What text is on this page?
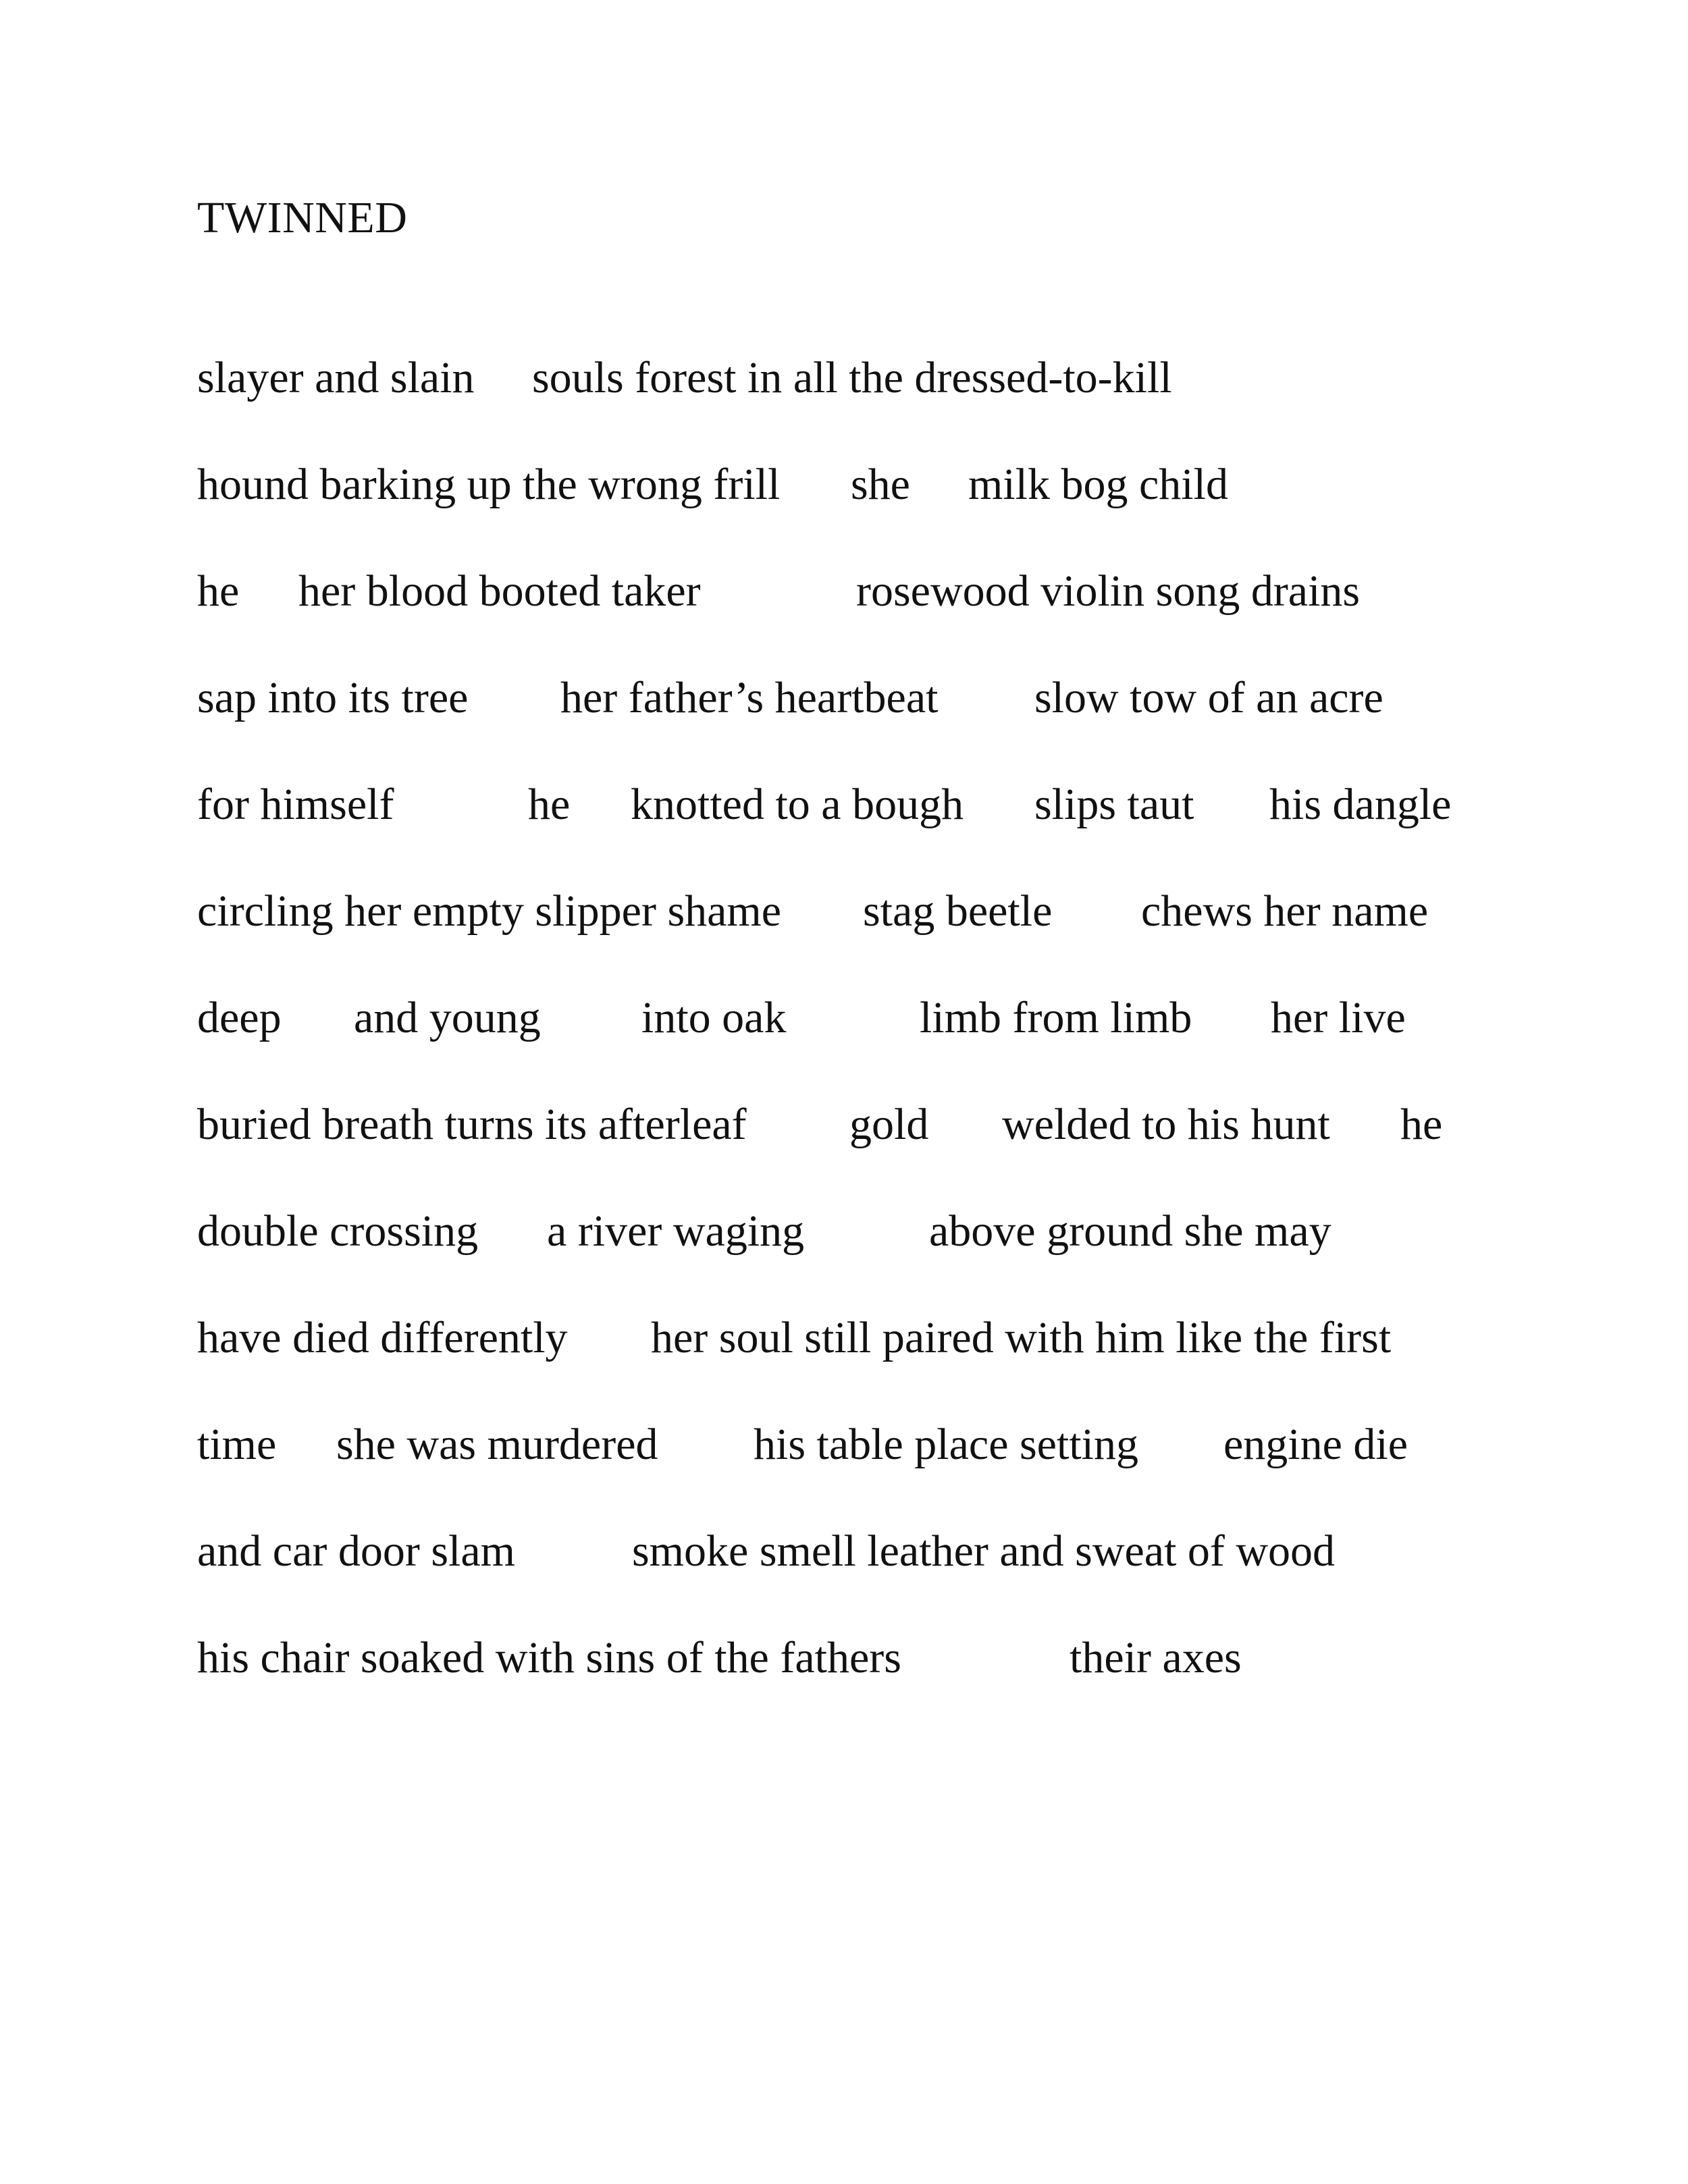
TWINNED
slayer and slain souls forest in all the dressed-to-kill
hound barking up the wrong frill she milk bog child
he her blood booted taker	rosewood violin song drains
sap into its tree her father’s heartbeat slow tow of an acre
for himself	he knotted to a bough slips taut his dangle
circling her empty slipper shame stag beetle chews her name
deep and young into oak	limb from limb her live
buried breath turns its afterleaf gold welded to his hunt he
double crossing a river waging	above ground she may
have died differently her soul still paired with him like the first
time she was murdered his table place setting engine die
and car door slam	smoke smell leather and sweat of wood
his chair soaked with sins of the fathers	their axes
